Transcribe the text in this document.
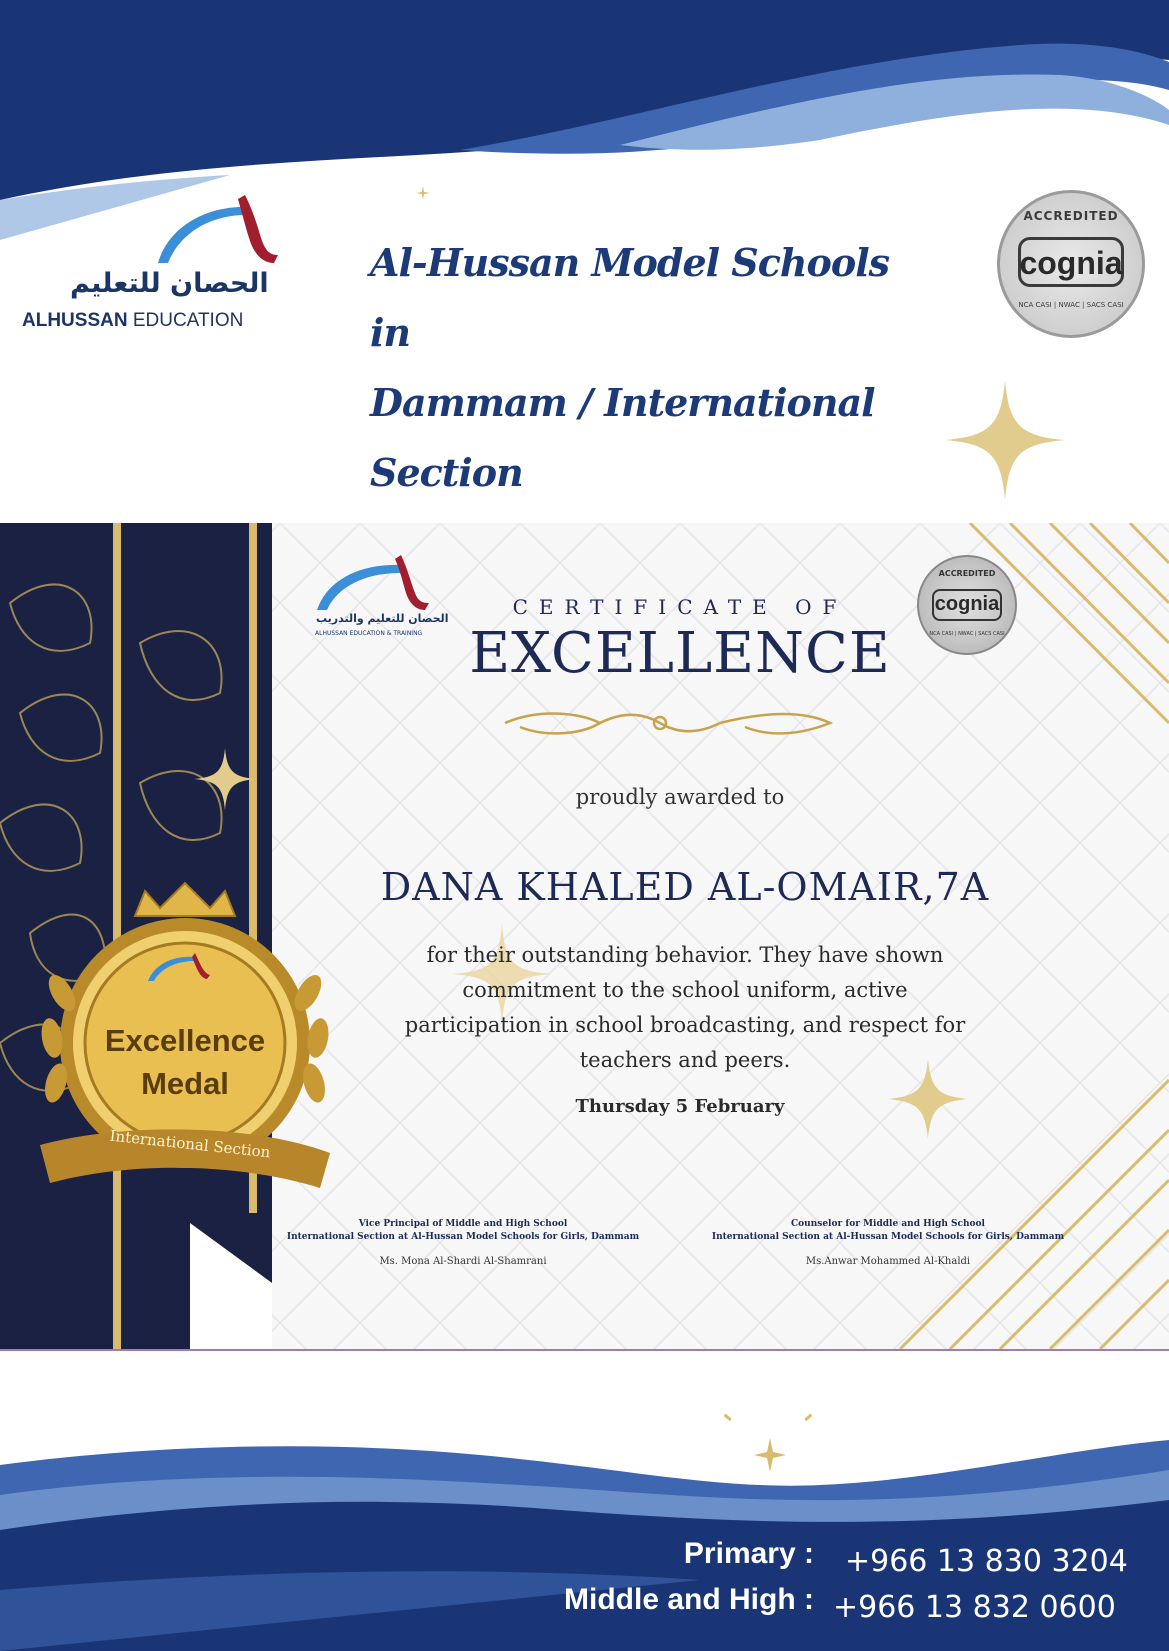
الحصان للتعليم
ALHUSSAN EDUCATION
Al-Hussan Model Schools in
Dammam / International Section
ACCREDITED
cognia
NCA CASI | NWAC | SACS CASI
الحصان للتعليم والتدريب
ALHUSSAN EDUCATION & TRAINING
CERTIFICATE OF
EXCELLENCE
ACCREDITED
cognia
NCA CASI | NWAC | SACS CASI
proudly awarded to
DANA KHALED AL-OMAIR,7A
for their outstanding behavior. They have shown
commitment to the school uniform, active
participation in school broadcasting, and respect for
teachers and peers.
Thursday 5 February
Excellence
Medal
International Section
Vice Principal of Middle and High School
International Section at Al-Hussan Model Schools for Girls, Dammam
Ms. Mona Al-Shardi Al-Shamrani
Counselor for Middle and High School
International Section at Al-Hussan Model Schools for Girls, Dammam
Ms.Anwar Mohammed Al-Khaldi
Primary : +966 13 830 3204
Middle and High : +966 13 832 0600
